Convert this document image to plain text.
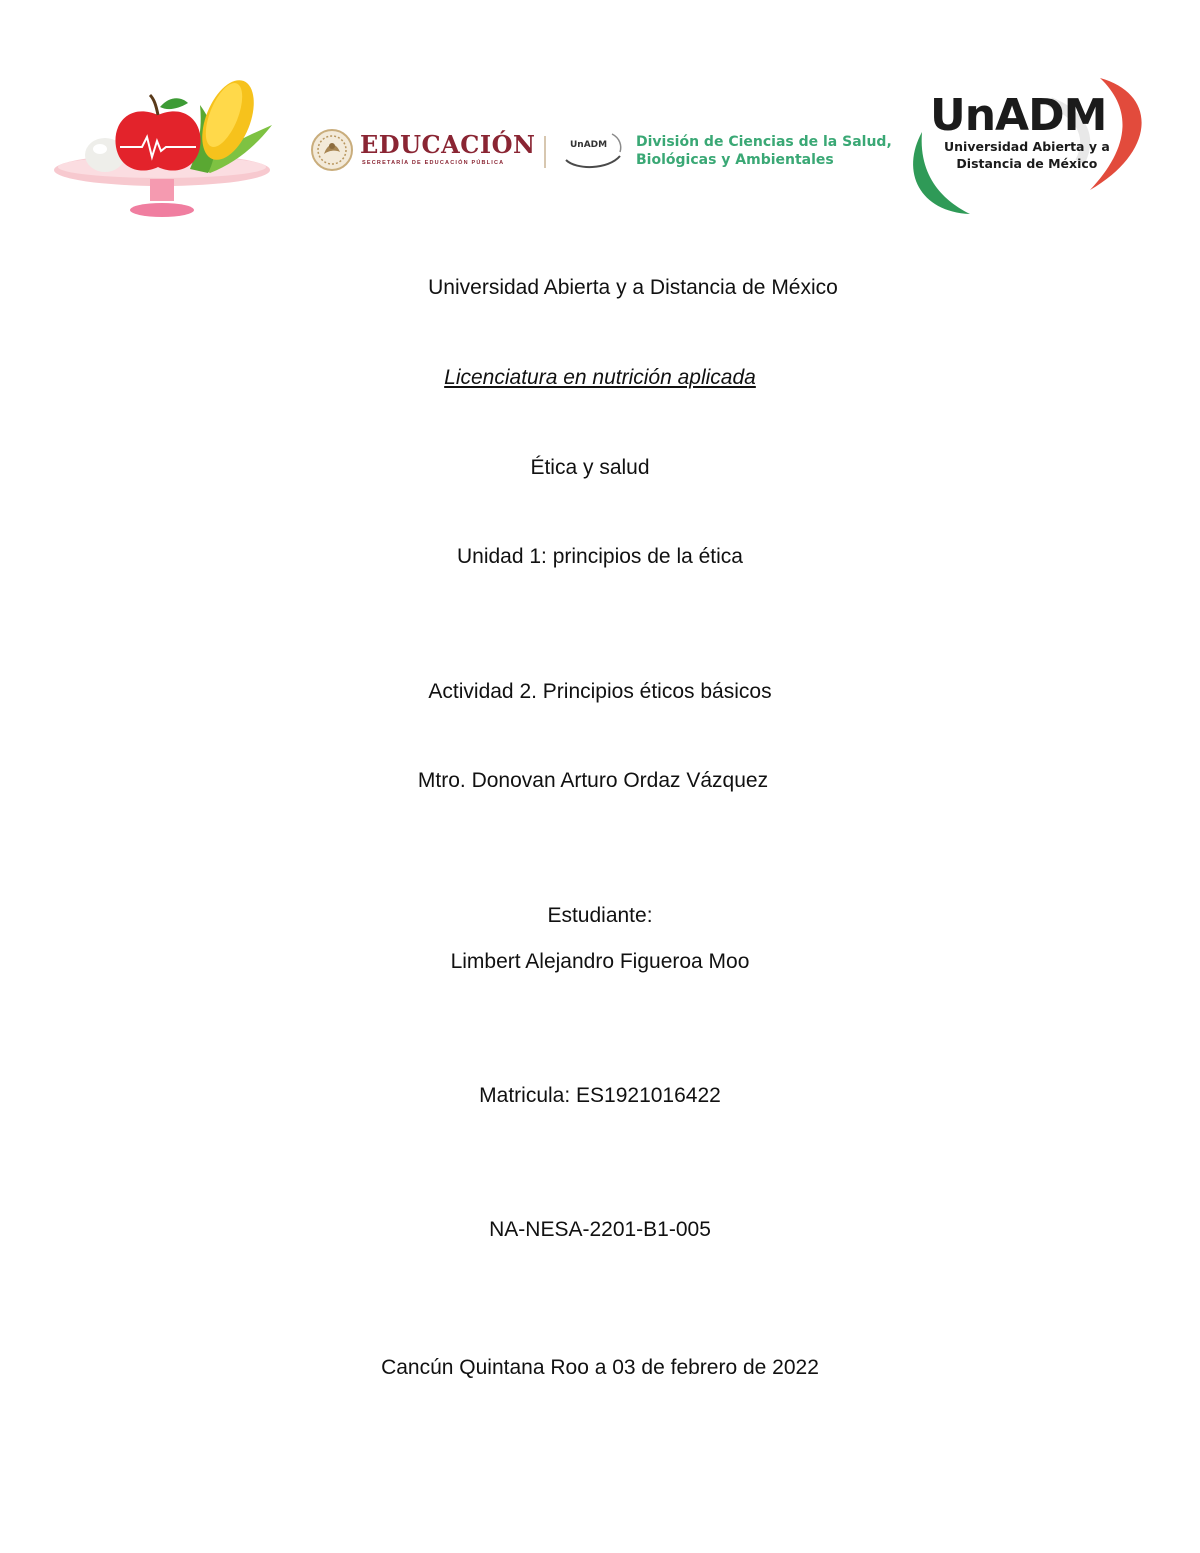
EDUCACIÓN
SECRETARÍA DE EDUCACIÓN PÚBLICA
UnADM División de Ciencias de la Salud,
Biológicas y Ambientales
UnADM
Universidad Abierta y a
Distancia de México
Universidad Abierta y a Distancia de México
Licenciatura en nutrición aplicada
Ética y salud
Unidad 1: principios de la ética
Actividad 2. Principios éticos básicos
Mtro. Donovan Arturo Ordaz Vázquez
Estudiante:
Limbert Alejandro Figueroa Moo
Matricula: ES1921016422
NA-NESA-2201-B1-005
Cancún Quintana Roo a 03 de febrero de 2022
